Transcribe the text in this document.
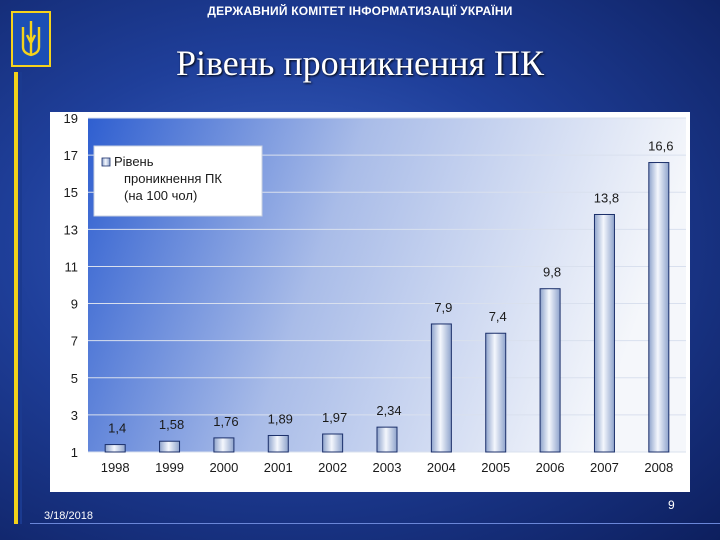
ДЕРЖАВНИЙ КОМІТЕТ ІНФОРМАТИЗАЦІЇ УКРАЇНИ
Рівень проникнення ПК
1
3
5
7
9
11
13
15
17
19
1,4	1,58 1,76 1,89 1,97 2,34
7,9
7,4
9,8
13,8
16,6
1998 1999 2000 2001 2002 2003 2004 2005 2006 2007 2008
Рівень
проникнення ПК
(на 100 чол)
9
3/18/2018
